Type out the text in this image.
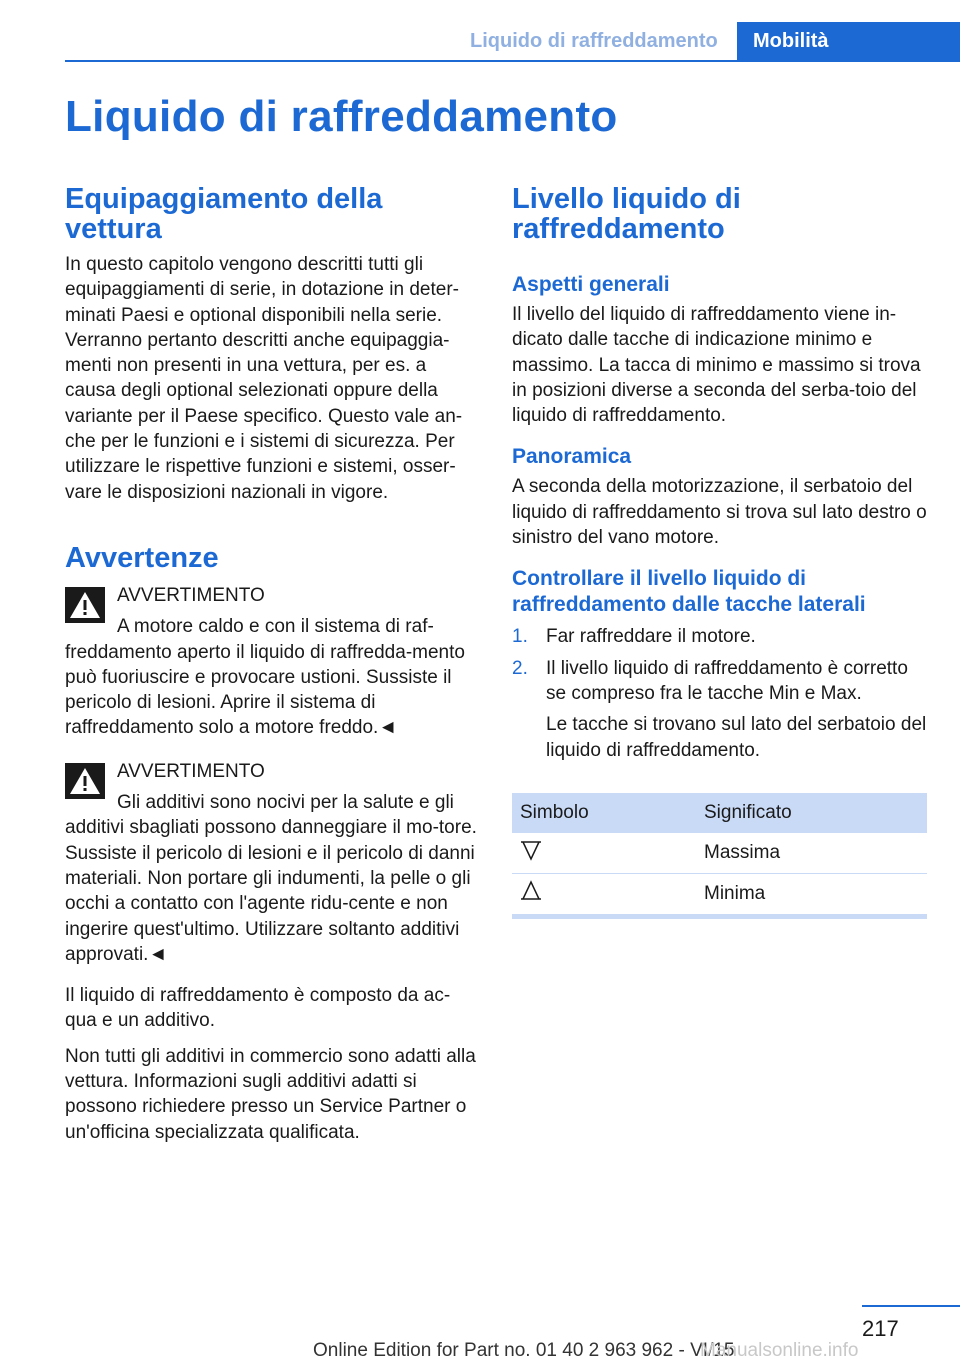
Liquido di raffreddamento	Mobilità
Liquido di raffreddamento
Equipaggiamento della vettura

In questo capitolo vengono descritti tutti gli equipaggiamenti di serie, in dotazione in deter-minati Paesi e optional disponibili nella serie. Verranno pertanto descritti anche equipaggia-menti non presenti in una vettura, per es. a causa degli optional selezionati oppure della variante per il Paese specifico. Questo vale an-che per le funzioni e i sistemi di sicurezza. Per utilizzare le rispettive funzioni e sistemi, osser-vare le disposizioni nazionali in vigore.

Avvertenze

AVVERTIMENTO

A motore caldo e con il sistema di raf-freddamento aperto il liquido di raffredda-mento può fuoriuscire e provocare ustioni. Sussiste il pericolo di lesioni. Aprire il sistema di raffreddamento solo a motore freddo.◄

AVVERTIMENTO

Gli additivi sono nocivi per la salute e gli additivi sbagliati possono danneggiare il mo-tore. Sussiste il pericolo di lesioni e il pericolo di danni materiali. Non portare gli indumenti, la pelle o gli occhi a contatto con l'agente ridu-cente e non ingerire quest'ultimo. Utilizzare soltanto additivi approvati.◄

Il liquido di raffreddamento è composto da ac-qua e un additivo.

Non tutti gli additivi in commercio sono adatti alla vettura. Informazioni sugli additivi adatti si possono richiedere presso un Service Partner o un'officina specializzata qualificata.

Livello liquido di raffreddamento
Aspetti generali

Il livello del liquido di raffreddamento viene in-dicato dalle tacche di indicazione minimo e massimo. La tacca di minimo e massimo si trova in posizioni diverse a seconda del serba-toio del liquido di raffreddamento.

Panoramica

A seconda della motorizzazione, il serbatoio del liquido di raffreddamento si trova sul lato destro o sinistro del vano motore.

Controllare il livello liquido di raffreddamento dalle tacche laterali
1. Far raffreddare il motore.
2. Il livello liquido di raffreddamento è corretto se compreso fra le tacche Min e Max.
Le tacche si trovano sul lato del serbatoio del liquido di raffreddamento.
Simbolo	Significato
	Massima
	Minima
217
Online Edition for Part no. 01 40 2 963 962 - VI/15
Manualsonline.info
